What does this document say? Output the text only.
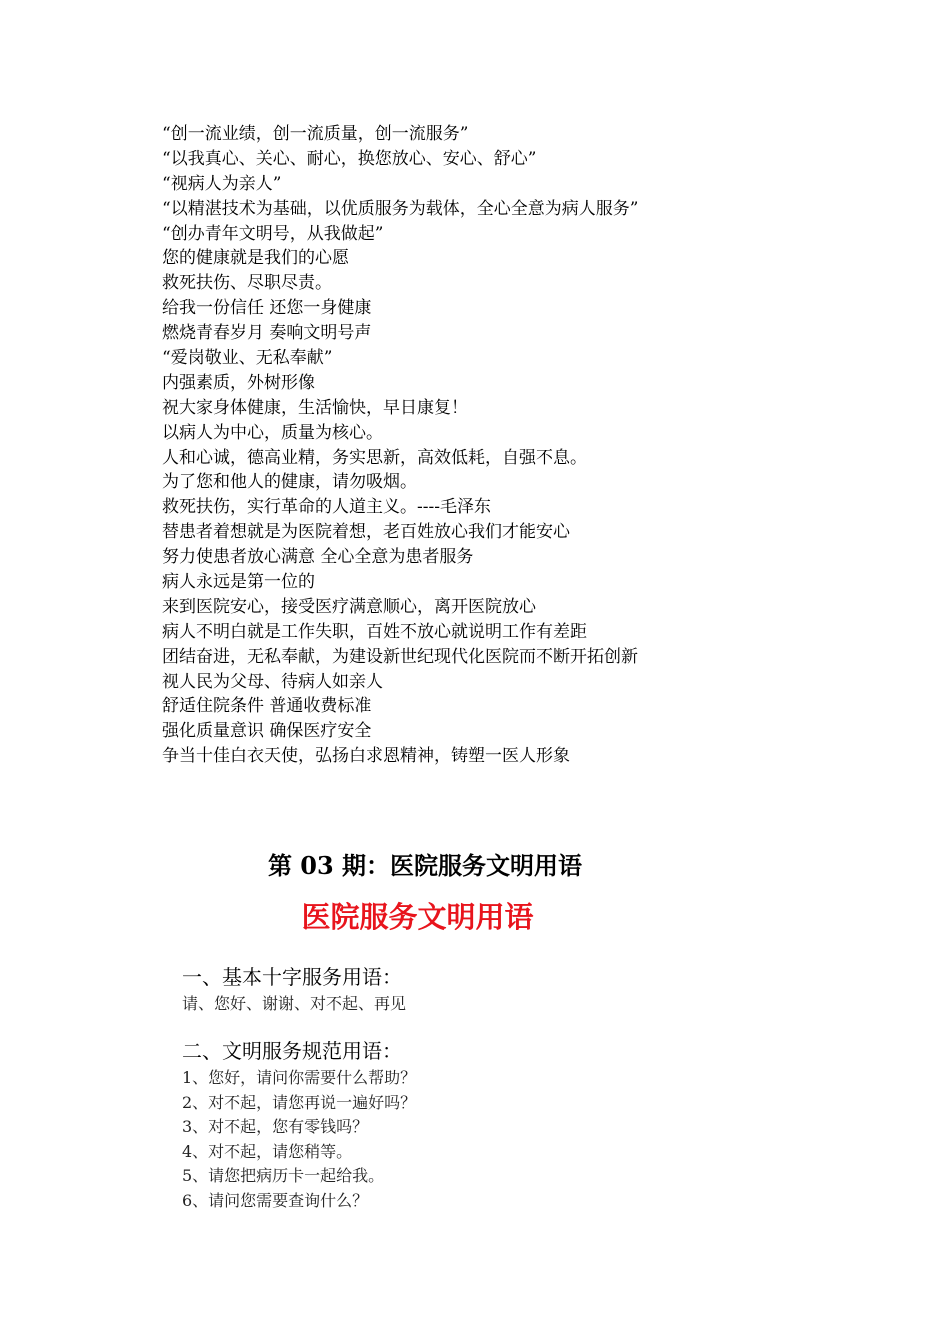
“创一流业绩，创一流质量，创一流服务”
“以我真心、关心、耐心，换您放心、安心、舒心”
“视病人为亲人”
“以精湛技术为基础，以优质服务为载体，全心全意为病人服务”
“创办青年文明号，从我做起”
您的健康就是我们的心愿
救死扶伤、尽职尽责。
给我一份信任 还您一身健康
燃烧青春岁月 奏响文明号声
“爱岗敬业、无私奉献”
内强素质，外树形像
祝大家身体健康，生活愉快，早日康复！
以病人为中心，质量为核心。
人和心诚，德高业精，务实思新，高效低耗，自强不息。
为了您和他人的健康，请勿吸烟。
救死扶伤，实行革命的人道主义。----毛泽东
替患者着想就是为医院着想，老百姓放心我们才能安心
努力使患者放心满意 全心全意为患者服务
病人永远是第一位的
来到医院安心，接受医疗满意顺心，离开医院放心
病人不明白就是工作失职，百姓不放心就说明工作有差距
团结奋进，无私奉献，为建设新世纪现代化医院而不断开拓创新
视人民为父母、待病人如亲人
舒适住院条件 普通收费标准
强化质量意识 确保医疗安全
争当十佳白衣天使，弘扬白求恩精神，铸塑一医人形象
第 03 期：医院服务文明用语
医院服务文明用语
一、基本十字服务用语：
请、您好、谢谢、对不起、再见
二、文明服务规范用语：
1、您好，请问你需要什么帮助？
2、对不起，请您再说一遍好吗？
3、对不起，您有零钱吗？
4、对不起，请您稍等。
5、请您把病历卡一起给我。
6、请问您需要查询什么？
